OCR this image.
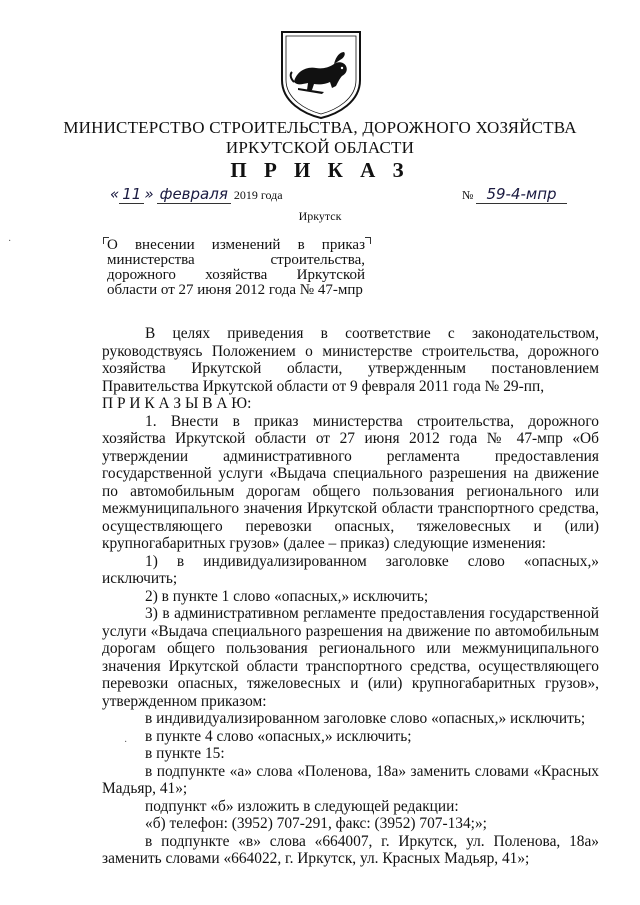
МИНИСТЕРСТВО СТРОИТЕЛЬСТВА, ДОРОЖНОГО ХОЗЯЙСТВА
ИРКУТСКОЙ ОБЛАСТИ
П Р И К А З
« 11 » февраля 2019 года	№ 59-4-мпр
Иркутск
О внесении изменений в приказ министерства строительства, дорожного хозяйства Иркутской области от 27 июня 2012 года № 47-мпр
·
·

В целях приведения в соответствие с законодательством, руководствуясь Положением о министерстве строительства, дорожного хозяйства Иркутской области, утвержденным постановлением Правительства Иркутской области от 9 февраля 2011 года № 29-пп,

П Р И К А З Ы В А Ю:

1. Внести в приказ министерства строительства, дорожного хозяйства Иркутской области от 27 июня 2012 года № 47-мпр «Об утверждении административного регламента предоставления государственной услуги «Выдача специального разрешения на движение по автомобильным дорогам общего пользования регионального или межмуниципального значения Иркутской области транспортного средства, осуществляющего перевозки опасных, тяжеловесных и (или) крупногабаритных грузов» (далее – приказ) следующие изменения:

1) в индивидуализированном заголовке слово «опасных,» исключить;

2) в пункте 1 слово «опасных,» исключить;

3) в административном регламенте предоставления государственной услуги «Выдача специального разрешения на движение по автомобильным дорогам общего пользования регионального или межмуниципального значения Иркутской области транспортного средства, осуществляющего перевозки опасных, тяжеловесных и (или) крупногабаритных грузов», утвержденном приказом:

в индивидуализированном заголовке слово «опасных,» исключить;

в пункте 4 слово «опасных,» исключить;

в пункте 15:

в подпункте «а» слова «Поленова, 18а» заменить словами «Красных Мадьяр, 41»;

подпункт «б» изложить в следующей редакции:

«б) телефон: (3952) 707-291, факс: (3952) 707-134;»;

в подпункте «в» слова «664007, г. Иркутск, ул. Поленова, 18а» заменить словами «664022, г. Иркутск, ул. Красных Мадьяр, 41»;
